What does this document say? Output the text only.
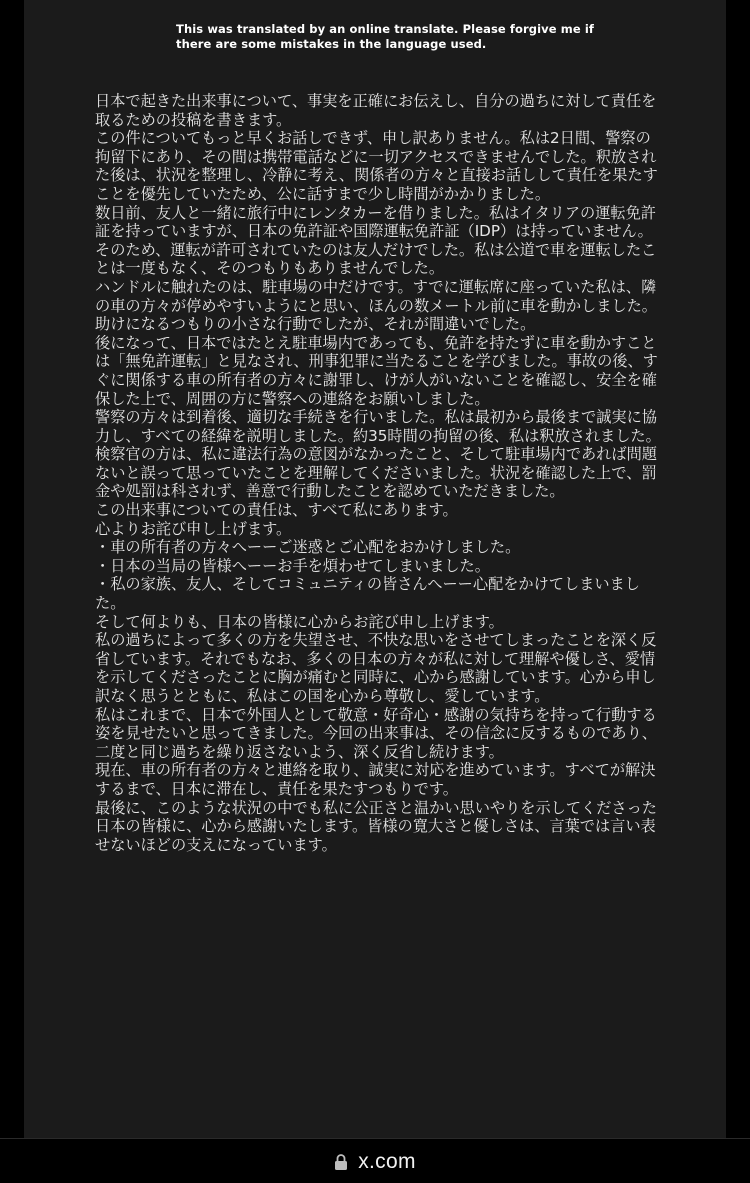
This was translated by an online translate. Please forgive me if there are some mistakes in the language used.

日本で起きた出来事について、事実を正確にお伝えし、自分の過ちに対して責任を取るための投稿を書きます。

この件についてもっと早くお話しできず、申し訳ありません。私は2日間、警察の拘留下にあり、その間は携帯電話などに一切アクセスできませんでした。釈放された後は、状況を整理し、冷静に考え、関係者の方々と直接お話しして責任を果たすことを優先していたため、公に話すまで少し時間がかかりました。

数日前、友人と一緒に旅行中にレンタカーを借りました。私はイタリアの運転免許証を持っていますが、日本の免許証や国際運転免許証（IDP）は持っていません。そのため、運転が許可されていたのは友人だけでした。私は公道で車を運転したことは一度もなく、そのつもりもありませんでした。

ハンドルに触れたのは、駐車場の中だけです。すでに運転席に座っていた私は、隣の車の方々が停めやすいようにと思い、ほんの数メートル前に車を動かしました。助けになるつもりの小さな行動でしたが、それが間違いでした。

後になって、日本ではたとえ駐車場内であっても、免許を持たずに車を動かすことは「無免許運転」と見なされ、刑事犯罪に当たることを学びました。事故の後、すぐに関係する車の所有者の方々に謝罪し、けが人がいないことを確認し、安全を確保した上で、周囲の方に警察への連絡をお願いしました。

警察の方々は到着後、適切な手続きを行いました。私は最初から最後まで誠実に協力し、すべての経緯を説明しました。約35時間の拘留の後、私は釈放されました。検察官の方は、私に違法行為の意図がなかったこと、そして駐車場内であれば問題ないと誤って思っていたことを理解してくださいました。状況を確認した上で、罰金や処罰は科されず、善意で行動したことを認めていただきました。

この出来事についての責任は、すべて私にあります。

心よりお詫び申し上げます。

・車の所有者の方々へーーご迷惑とご心配をおかけしました。

・日本の当局の皆様へーーお手を煩わせてしまいました。

・私の家族、友人、そしてコミュニティの皆さんへーー心配をかけてしまいました。

そして何よりも、日本の皆様に心からお詫び申し上げます。

私の過ちによって多くの方を失望させ、不快な思いをさせてしまったことを深く反省しています。それでもなお、多くの日本の方々が私に対して理解や優しさ、愛情を示してくださったことに胸が痛むと同時に、心から感謝しています。心から申し訳なく思うとともに、私はこの国を心から尊敬し、愛しています。

私はこれまで、日本で外国人として敬意・好奇心・感謝の気持ちを持って行動する姿を見せたいと思ってきました。今回の出来事は、その信念に反するものであり、二度と同じ過ちを繰り返さないよう、深く反省し続けます。

現在、車の所有者の方々と連絡を取り、誠実に対応を進めています。すべてが解決するまで、日本に滞在し、責任を果たすつもりです。

最後に、このような状況の中でも私に公正さと温かい思いやりを示してくださった日本の皆様に、心から感謝いたします。皆様の寛大さと優しさは、言葉では言い表せないほどの支えになっています。

x.com
